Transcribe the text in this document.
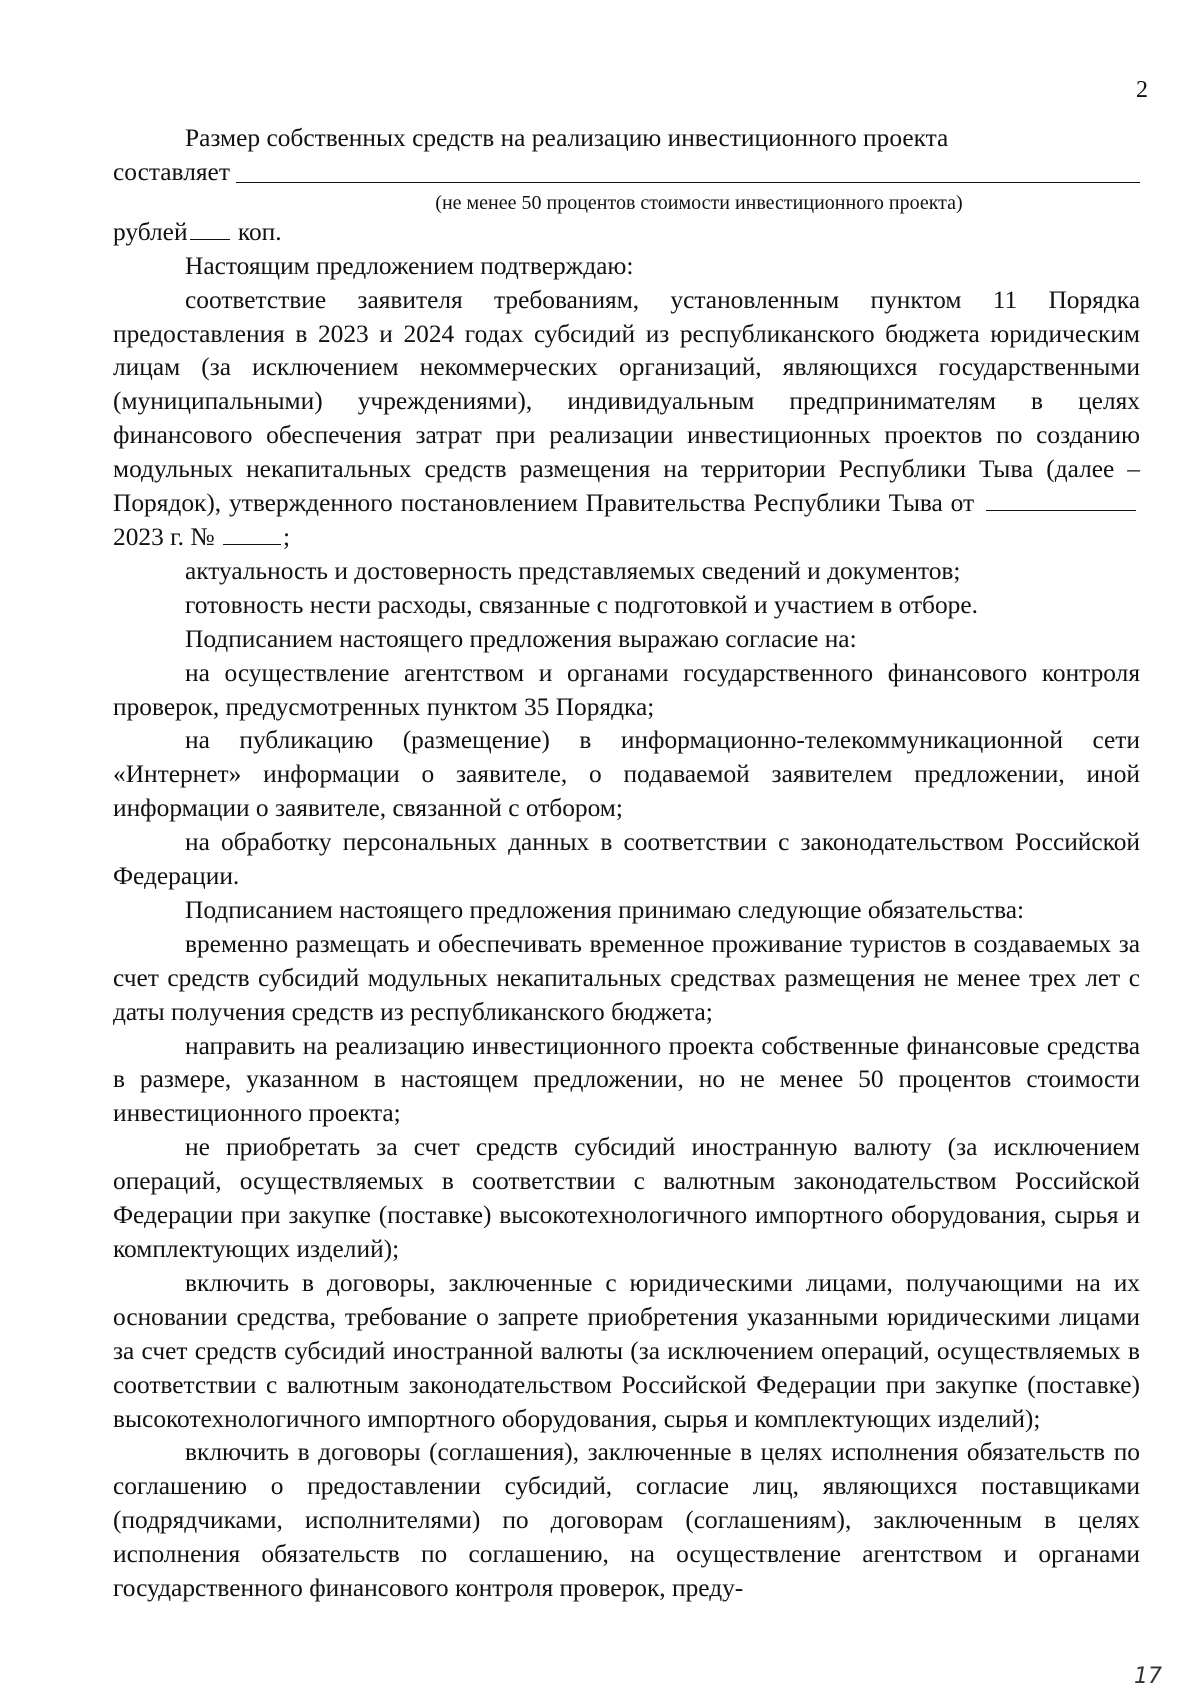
2

Размер собственных средств на реализацию инвестиционного проекта

составляет

(не менее 50 процентов стоимости инвестиционного проекта)

рублей коп.

Настоящим предложением подтверждаю:

соответствие заявителя требованиям, установленным пунктом 11 Порядка предоставления в 2023 и 2024 годах субсидий из республиканского бюджета юридическим лицам (за исключением некоммерческих организаций, являющихся государственными (муниципальными) учреждениями), индивидуальным предпринимателям в целях финансового обеспечения затрат при реализации инвестиционных проектов по созданию модульных некапитальных средств размещения на территории Республики Тыва (далее – Порядок), утвержденного постановлением Правительства Республики Тыва от  2023 г. №	;

актуальность и достоверность представляемых сведений и документов;

готовность нести расходы, связанные с подготовкой и участием в отборе.

Подписанием настоящего предложения выражаю согласие на:

на осуществление агентством и органами государственного финансового контроля проверок, предусмотренных пунктом 35 Порядка;

на публикацию (размещение) в информационно-телекоммуникационной сети «Интернет» информации о заявителе, о подаваемой заявителем предложении, иной информации о заявителе, связанной с отбором;

на обработку персональных данных в соответствии с законодательством Российской Федерации.

Подписанием настоящего предложения принимаю следующие обязательства:

временно размещать и обеспечивать временное проживание туристов в создаваемых за счет средств субсидий модульных некапитальных средствах размещения не менее трех лет с даты получения средств из республиканского бюджета;

направить на реализацию инвестиционного проекта собственные финансовые средства в размере, указанном в настоящем предложении, но не менее 50 процентов стоимости инвестиционного проекта;

не приобретать за счет средств субсидий иностранную валюту (за исключением операций, осуществляемых в соответствии с валютным законодательством Российской Федерации при закупке (поставке) высокотехнологичного импортного оборудования, сырья и комплектующих изделий);

включить в договоры, заключенные с юридическими лицами, получающими на их основании средства, требование о запрете приобретения указанными юридическими лицами за счет средств субсидий иностранной валюты (за исключением операций, осуществляемых в соответствии с валютным законодательством Российской Федерации при закупке (поставке) высокотехнологичного импортного оборудования, сырья и комплектующих изделий);

включить в договоры (соглашения), заключенные в целях исполнения обязательств по соглашению о предоставлении субсидий, согласие лиц, являющихся поставщиками (подрядчиками, исполнителями) по договорам (соглашениям), заключенным в целях исполнения обязательств по соглашению, на осуществление агентством и органами государственного финансового контроля проверок, преду-

17
